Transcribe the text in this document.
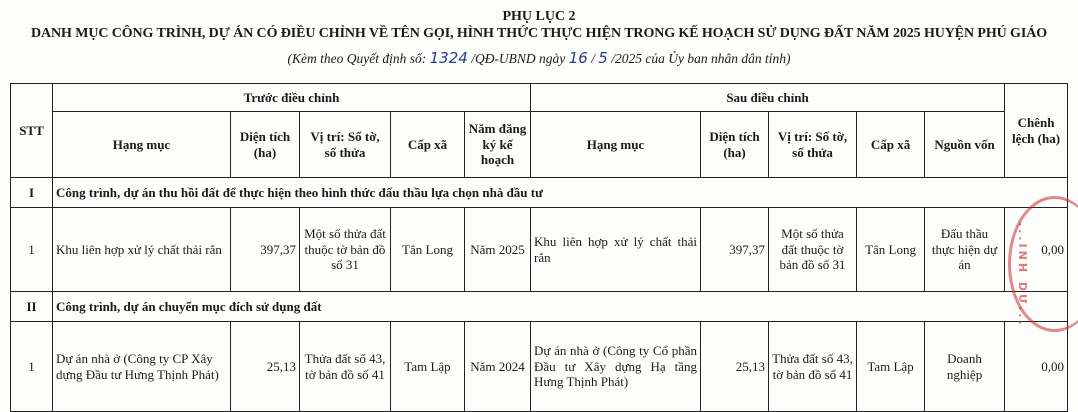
PHỤ LỤC 2
DANH MỤC CÔNG TRÌNH, DỰ ÁN CÓ ĐIỀU CHỈNH VỀ TÊN GỌI, HÌNH THỨC THỰC HIỆN TRONG KẾ HOẠCH SỬ DỤNG ĐẤT NĂM 2025 HUYỆN PHÚ GIÁO
(Kèm theo Quyết định số: 1324 /QĐ-UBND ngày 16 / 5 /2025 của Ủy ban nhân dân tỉnh)
STT	Trước điều chỉnh					Sau điều chỉnh					Chênh lệch (ha)
	Hạng mục	Diện tích (ha)	Vị trí: Số tờ, số thửa	Cấp xã	Năm đăng ký kế hoạch	Hạng mục	Diện tích (ha)	Vị trí: Số tờ, số thửa	Cấp xã	Nguồn vốn	
I	Công trình, dự án thu hồi đất để thực hiện theo hình thức đấu thầu lựa chọn nhà đầu tư										
1	Khu liên hợp xử lý chất thải rắn	397,37	Một số thửa đất thuộc tờ bản đồ số 31	Tân Long	Năm 2025	Khu liên hợp xử lý chất thải rắn	397,37	Một số thửa đất thuộc tờ bản đồ số 31	Tân Long	Đấu thầu thực hiện dự án	0,00
II	Công trình, dự án chuyển mục đích sử dụng đất										
1	Dự án nhà ở (Công ty CP Xây dựng Đầu tư Hưng Thịnh Phát)	25,13	Thửa đất số 43, tờ bản đồ số 41	Tam Lập	Năm 2024	Dự án nhà ở (Công ty Cổ phần Đầu tư Xây dựng Hạ tầng Hưng Thịnh Phát)	25,13	Thửa đất số 43, tờ bản đồ số 41	Tam Lập	Doanh nghiệp	0,00
...INH DƯ...
